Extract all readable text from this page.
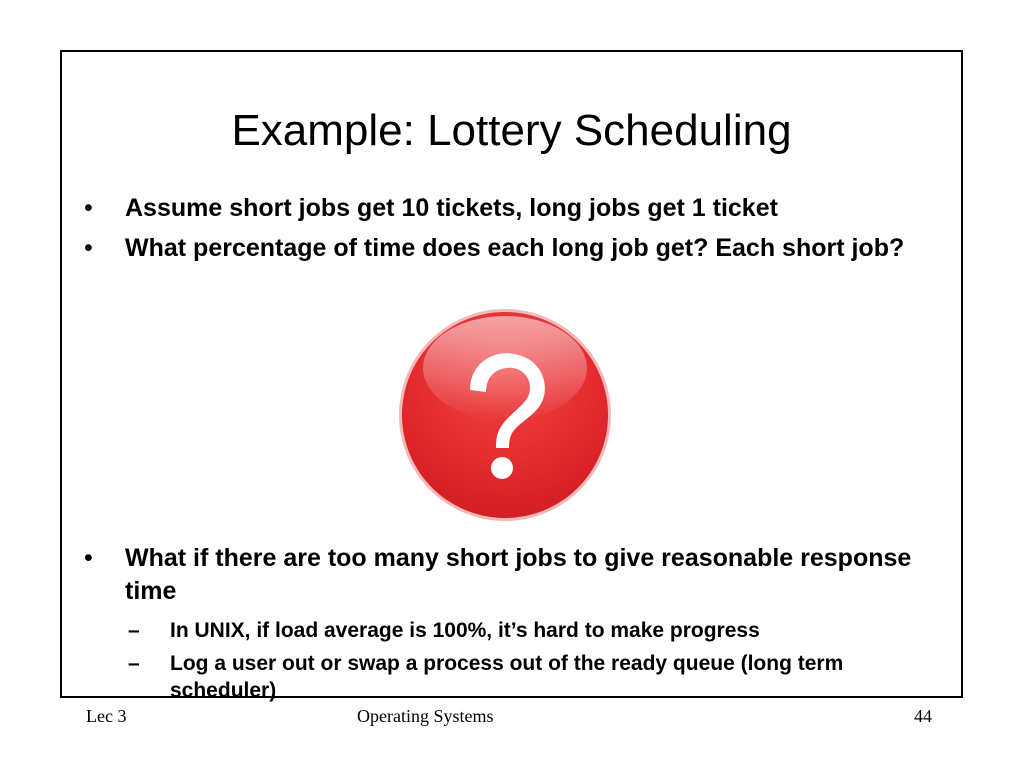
Example: Lottery Scheduling
• Assume short jobs get 10 tickets, long jobs get 1 ticket
• What percentage of time does each long job get? Each short job?
• What if there are too many short jobs to give reasonable response time
– In UNIX, if load average is 100%, it’s hard to make progress
– Log a user out or swap a process out of the ready queue (long term scheduler)
Lec 3	Operating Systems	44
